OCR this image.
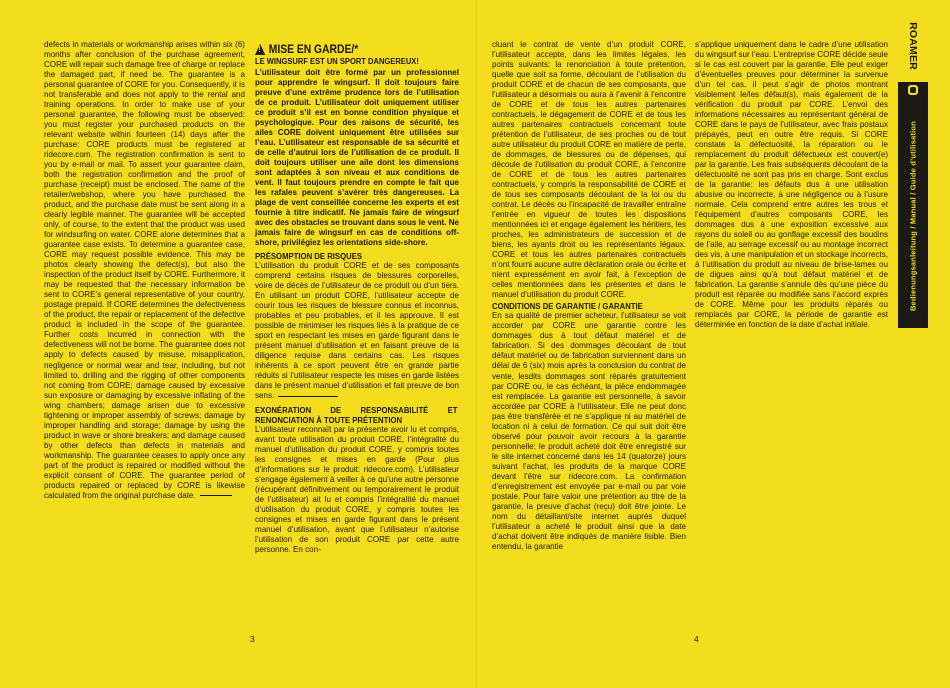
defects in materials or workmanship arises within six (6) months after conclusion of the purchase agreement, CORE will repair such damage free of charge or replace the damaged part, if need be. The guarantee is a personal guarantee of CORE for you. Consequently, it is not transferable and does not apply to the rental and training operations. In order to make use of your personal guarantee, the following must be observed: you must register your purchased products on the relevant website within fourteen (14) days after the purchase: CORE products must be registered at ridecore.com. The registration confirmation is sent to you by e-mail or mail. To assert your guarantee claim, both the registration confirmation and the proof of purchase (receipt) must be enclosed. The name of the retailer/webshop, where you have purchased the product, and the purchase date must be sent along in a clearly legible manner. The guarantee will be accepted only, of course, to the extent that the product was used for windsurfing on water. CORE alone determines that a guarantee case exists. To determine a guarantee case, CORE may request possible evidence. This may be photos clearly showing the defect(s), but also the inspection of the product itself by CORE. Furthermore, it may be requested that the necessary information be sent to CORE’s general representative of your country, postage prepaid. If CORE determines the defectiveness of the product, the repair or replacement of the defective product is included in the scope of the guarantee. Further costs incurred in connection with the defectiveness will not be borne. The guarantee does not apply to defects caused by misuse, misapplication, negligence or normal wear and tear, including, but not limited to, drilling and the rigging of other components not coming from CORE; damage caused by excessive sun exposure or damaging by excessive inflating of the wing chambers; damage arisen due to excessive tightening or improper assembly of screws; damage by improper handling and storage; damage by using the product in wave or shore breakers; and damage caused by other defects than defects in materials and workmanship. The guarantee ceases to apply once any part of the product is repaired or modified without the explicit consent of CORE. The guarantee period of products repaired or replaced by CORE is likewise calculated from the original purchase date.

!
MISE EN GARDE/*
LE WINGSURF EST UN SPORT DANGEREUX!

L’utilisateur doit être formé par un professionnel pour apprendre le wingsurf. Il doit toujours faire preuve d’une extrême prudence lors de l’utilisation de ce produit. L’utilisateur doit uniquement utiliser ce produit s’il est en bonne condition physique et psychologique. Pour des raisons de sécurité, les ailes CORE doivent uniquement être utilisées sur l’eau. L’utilisateur est responsable de sa sécurité et de celle d’autrui lors de l’utilisation de ce produit. Il doit toujours utiliser une aile dont les dimensions sont adaptées à son niveau et aux conditions de vent. Il faut toujours prendre en compte le fait que les rafales peuvent s’avérer très dangereuses. La plage de vent conseillée concerne les experts et est fournie à titre indicatif. Ne jamais faire de wingsurf avec des obstacles se trouvant dans sous le vent. Ne jamais faire de wingsurf en cas de conditions off-shore, privilégiez les orientations side-shore.

PRÉSOMPTION DE RISQUES

L’utilisation du produit CORE et de ses composants comprend certains risques de blessures corporelles, voire de décès de l’utilisateur de ce produit ou d’un tiers. En utilisant un produit CORE, l’utilisateur accepte de courir tous les risques de blessure connus et inconnus, probables et peu probables, et il les approuve. Il est possible de minimiser les risques liés à la pratique de ce sport en respectant les mises en garde figurant dans le présent manuel d’utilisation et en faisant preuve de la diligence requise dans certains cas. Les risques inhérents à ce sport peuvent être en grande partie réduits si l’utilisateur respecte les mises en garde listées dans le présent manuel d’utilisation et fait preuve de bon sens.

EXONÉRATION DE RESPONSABILITÉ ET RENONCIATION À TOUTE PRÉTENTION

L’utilisateur reconnaît par la présente avoir lu et compris, avant toute utilisation du produit CORE, l’intégralité du manuel d’utilisation du produit CORE, y compris toutes les consignes et mises en garde (Pour plus d’informations sur le produit: ridecore.com). L’utilisateur s’engage également à veiller à ce qu’une autre personne (récupérant définitivement ou temporairement le produit de l’utilisateur) ait lu et compris l’intégralité du manuel d’utilisation du produit CORE, y compris toutes les consignes et mises en garde figurant dans le présent manuel d’utilisation, avant que l’utilisateur n’autorise l’utilisation de son produit CORE par cette autre personne. En con-

3

cluant le contrat de vente d’un produit CORE, l’utilisateur accepte, dans les limites légales, les points suivants: la renonciation à toute prétention, quelle que soit sa forme, découlant de l’utilisation du produit CORE et de chacun de ses composants, que l’utilisateur a désormais ou aura à l’avenir à l’encontre de CORE et de tous les autres partenaires contractuels, le dégagement de CORE et de tous les autres partenaires contractuels concernant toute prétention de l’utilisateur, de ses proches ou de tout autre utilisateur du produit CORE en matière de perte, de dommages, de blessures ou de dépenses, qui découle de l’utilisation du produit CORE, à l’encontre de CORE et de tous les autres partenaires contractuels, y compris la responsabilité de CORE et de tous ses composants découlant de la loi ou du contrat. Le décès ou l’incapacité de travailler entraîne l’entrée en vigueur de toutes les dispositions mentionnées ici et engage également les héritiers, les proches, les administrateurs de succession et de biens, les ayants droit ou les représentants légaux. CORE et tous les autres partenaires contractuels n’ont fourni aucune autre déclaration orale ou écrite et nient expressément en avoir fait, à l’exception de celles mentionnées dans les présentes et dans le manuel d’utilisation du produit CORE.

CONDITIONS DE GARANTIE / GARANTIE

En sa qualité de premier acheteur, l’utilisateur se voit accorder par CORE une garantie contre les dommages dus à tout défaut matériel et de fabrication. Si des dommages découlant de tout défaut matériel ou de fabrication surviennent dans un délai de 6 (six) mois après la conclusion du contrat de vente, lesdits dommages sont réparés gratuitement par CORE ou, le cas échéant, la pièce endommagée est remplacée. La garantie est personnelle, à savoir accordée par CORE à l’utilisateur. Elle ne peut donc pas être transférée et ne s’applique ni au matériel de location ni à celui de formation. Ce qui suit doit être observé pour pouvoir avoir recours à la garantie personnelle: le produit acheté doit être enregistré sur le site internet concerné dans les 14 (quatorze) jours suivant l’achat, les produits de la marque CORE devant l’être sur ridecore.com. La confirmation d’enregistrement est envoyée par e-mail ou par voie postale. Pour faire valoir une prétention au titre de la garantie, la preuve d’achat (reçu) doit être jointe. Le nom du détaillant/site internet auprès duquel l’utilisateur a acheté le produit ainsi que la date d’achat doivent être indiqués de manière lisible. Bien entendu, la garantie

s’applique uniquement dans le cadre d’une utilisation du wingsurf sur l’eau. L’entreprise CORE décide seule si le cas est couvert par la garantie. Elle peut exiger d’éventuelles preuves pour déterminer la survenue d’un tel cas, il peut s’agir de photos montrant visiblement le/les défaut(s), mais également de la vérification du produit par CORE. L’envoi des informations nécessaires au représentant général de CORE dans le pays de l’utilisateur, avec frais postaux prépayés, peut en outre être requis. Si CORE constate la défectuosité, la réparation ou le remplacement du produit défectueux est couvert(e) par la garantie. Les frais subséquents découlant de la défectuosité ne sont pas pris en charge. Sont exclus de la garantie: les défauts dus à une utilisation abusive ou incorrecte, à une négligence ou à l’usure normale. Cela comprend entre autres les trous et l’équipement d’autres composants CORE, les dommages dus à une exposition excessive aux rayons du soleil ou au gonflage excessif des boudins de l’aile, au serrage excessif ou au montage incorrect des vis, à une manipulation et un stockage incorrects, à l’utilisation du produit au niveau de brise-lames ou de digues ainsi qu’à tout défaut matériel et de fabrication. La garantie s’annule dès qu’une pièce du produit est réparée ou modifiée sans l’accord exprès de CORE. Même pour les produits réparés ou remplacés par CORE, la période de garantie est déterminée en fonction de la date d’achat initiale.

4
ROAMER
Bedienungsanleitung / Manual / Guide d’utilisation
